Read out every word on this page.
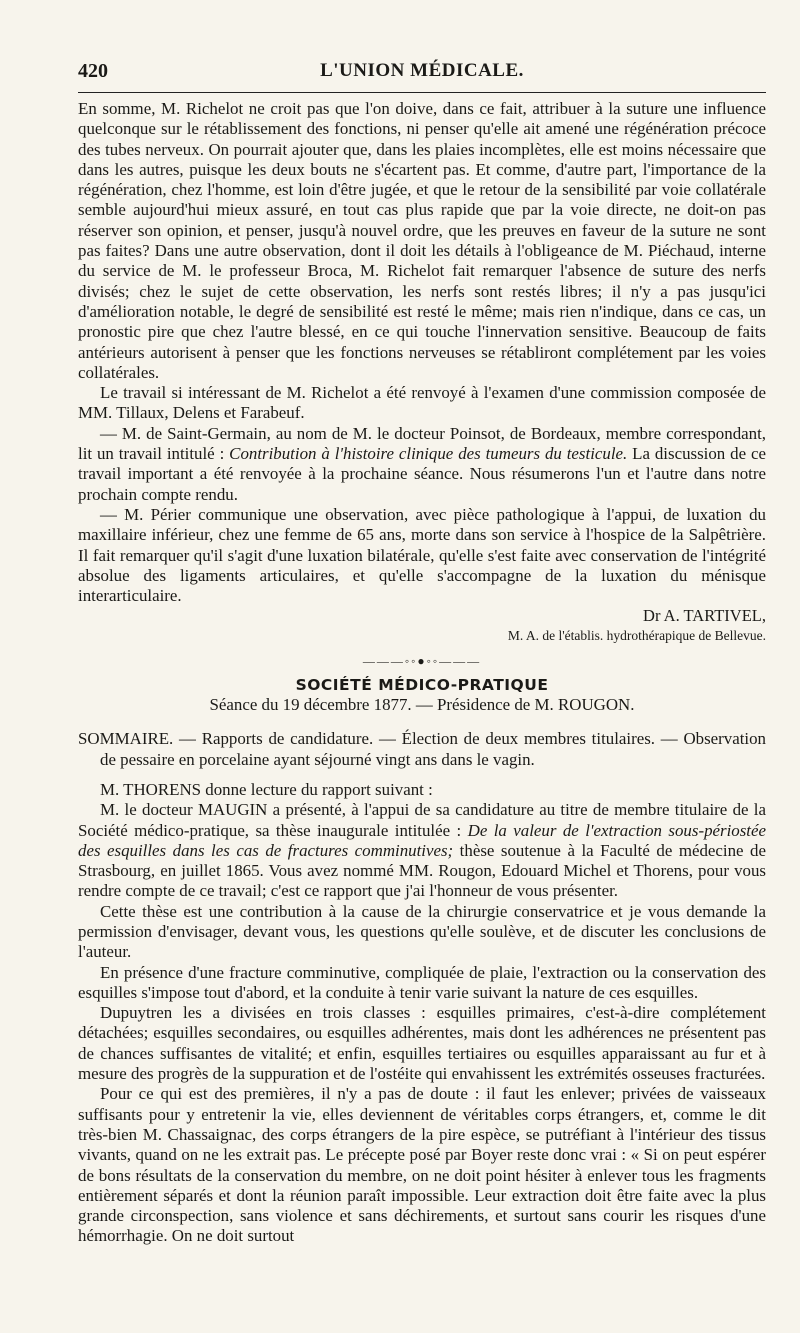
420	L'UNION MÉDICALE.

En somme, M. Richelot ne croit pas que l'on doive, dans ce fait, attribuer à la suture une influence quelconque sur le rétablissement des fonctions, ni penser qu'elle ait amené une régénération précoce des tubes nerveux. On pourrait ajouter que, dans les plaies incomplètes, elle est moins nécessaire que dans les autres, puisque les deux bouts ne s'écartent pas. Et comme, d'autre part, l'importance de la régénération, chez l'homme, est loin d'être jugée, et que le retour de la sensibilité par voie collatérale semble aujourd'hui mieux assuré, en tout cas plus rapide que par la voie directe, ne doit-on pas réserver son opinion, et penser, jusqu'à nouvel ordre, que les preuves en faveur de la suture ne sont pas faites? Dans une autre observation, dont il doit les détails à l'obligeance de M. Piéchaud, interne du service de M. le professeur Broca, M. Richelot fait remarquer l'absence de suture des nerfs divisés; chez le sujet de cette observation, les nerfs sont restés libres; il n'y a pas jusqu'ici d'amélioration notable, le degré de sensibilité est resté le même; mais rien n'indique, dans ce cas, un pronostic pire que chez l'autre blessé, en ce qui touche l'innervation sensitive. Beaucoup de faits antérieurs autorisent à penser que les fonctions nerveuses se rétabliront complétement par les voies collatérales.

Le travail si intéressant de M. Richelot a été renvoyé à l'examen d'une commission composée de MM. Tillaux, Delens et Farabeuf.

— M. de Saint-Germain, au nom de M. le docteur Poinsot, de Bordeaux, membre correspondant, lit un travail intitulé : Contribution à l'histoire clinique des tumeurs du testicule. La discussion de ce travail important a été renvoyée à la prochaine séance. Nous résumerons l'un et l'autre dans notre prochain compte rendu.

— M. Périer communique une observation, avec pièce pathologique à l'appui, de luxation du maxillaire inférieur, chez une femme de 65 ans, morte dans son service à l'hospice de la Salpêtrière. Il fait remarquer qu'il s'agit d'une luxation bilatérale, qu'elle s'est faite avec conservation de l'intégrité absolue des ligaments articulaires, et qu'elle s'accompagne de la luxation du ménisque interarticulaire.

Dr A. TARTIVEL,

M. A. de l'établis. hydrothérapique de Bellevue.

———◦◦●◦◦———
SOCIÉTÉ MÉDICO-PRATIQUE
Séance du 19 décembre 1877. — Présidence de M. ROUGON.

SOMMAIRE. — Rapports de candidature. — Élection de deux membres titulaires. — Observation de pessaire en porcelaine ayant séjourné vingt ans dans le vagin.

M. THORENS donne lecture du rapport suivant :

M. le docteur MAUGIN a présenté, à l'appui de sa candidature au titre de membre titulaire de la Société médico-pratique, sa thèse inaugurale intitulée : De la valeur de l'extraction sous-périostée des esquilles dans les cas de fractures comminutives; thèse soutenue à la Faculté de médecine de Strasbourg, en juillet 1865. Vous avez nommé MM. Rougon, Edouard Michel et Thorens, pour vous rendre compte de ce travail; c'est ce rapport que j'ai l'honneur de vous présenter.

Cette thèse est une contribution à la cause de la chirurgie conservatrice et je vous demande la permission d'envisager, devant vous, les questions qu'elle soulève, et de discuter les conclusions de l'auteur.

En présence d'une fracture comminutive, compliquée de plaie, l'extraction ou la conservation des esquilles s'impose tout d'abord, et la conduite à tenir varie suivant la nature de ces esquilles.

Dupuytren les a divisées en trois classes : esquilles primaires, c'est-à-dire complétement détachées; esquilles secondaires, ou esquilles adhérentes, mais dont les adhérences ne présentent pas de chances suffisantes de vitalité; et enfin, esquilles tertiaires ou esquilles apparaissant au fur et à mesure des progrès de la suppuration et de l'ostéite qui envahissent les extrémités osseuses fracturées.

Pour ce qui est des premières, il n'y a pas de doute : il faut les enlever; privées de vaisseaux suffisants pour y entretenir la vie, elles deviennent de véritables corps étrangers, et, comme le dit très-bien M. Chassaignac, des corps étrangers de la pire espèce, se putréfiant à l'intérieur des tissus vivants, quand on ne les extrait pas. Le précepte posé par Boyer reste donc vrai : « Si on peut espérer de bons résultats de la conservation du membre, on ne doit point hésiter à enlever tous les fragments entièrement séparés et dont la réunion paraît impossible. Leur extraction doit être faite avec la plus grande circonspection, sans violence et sans déchirements, et surtout sans courir les risques d'une hémorrhagie. On ne doit surtout
